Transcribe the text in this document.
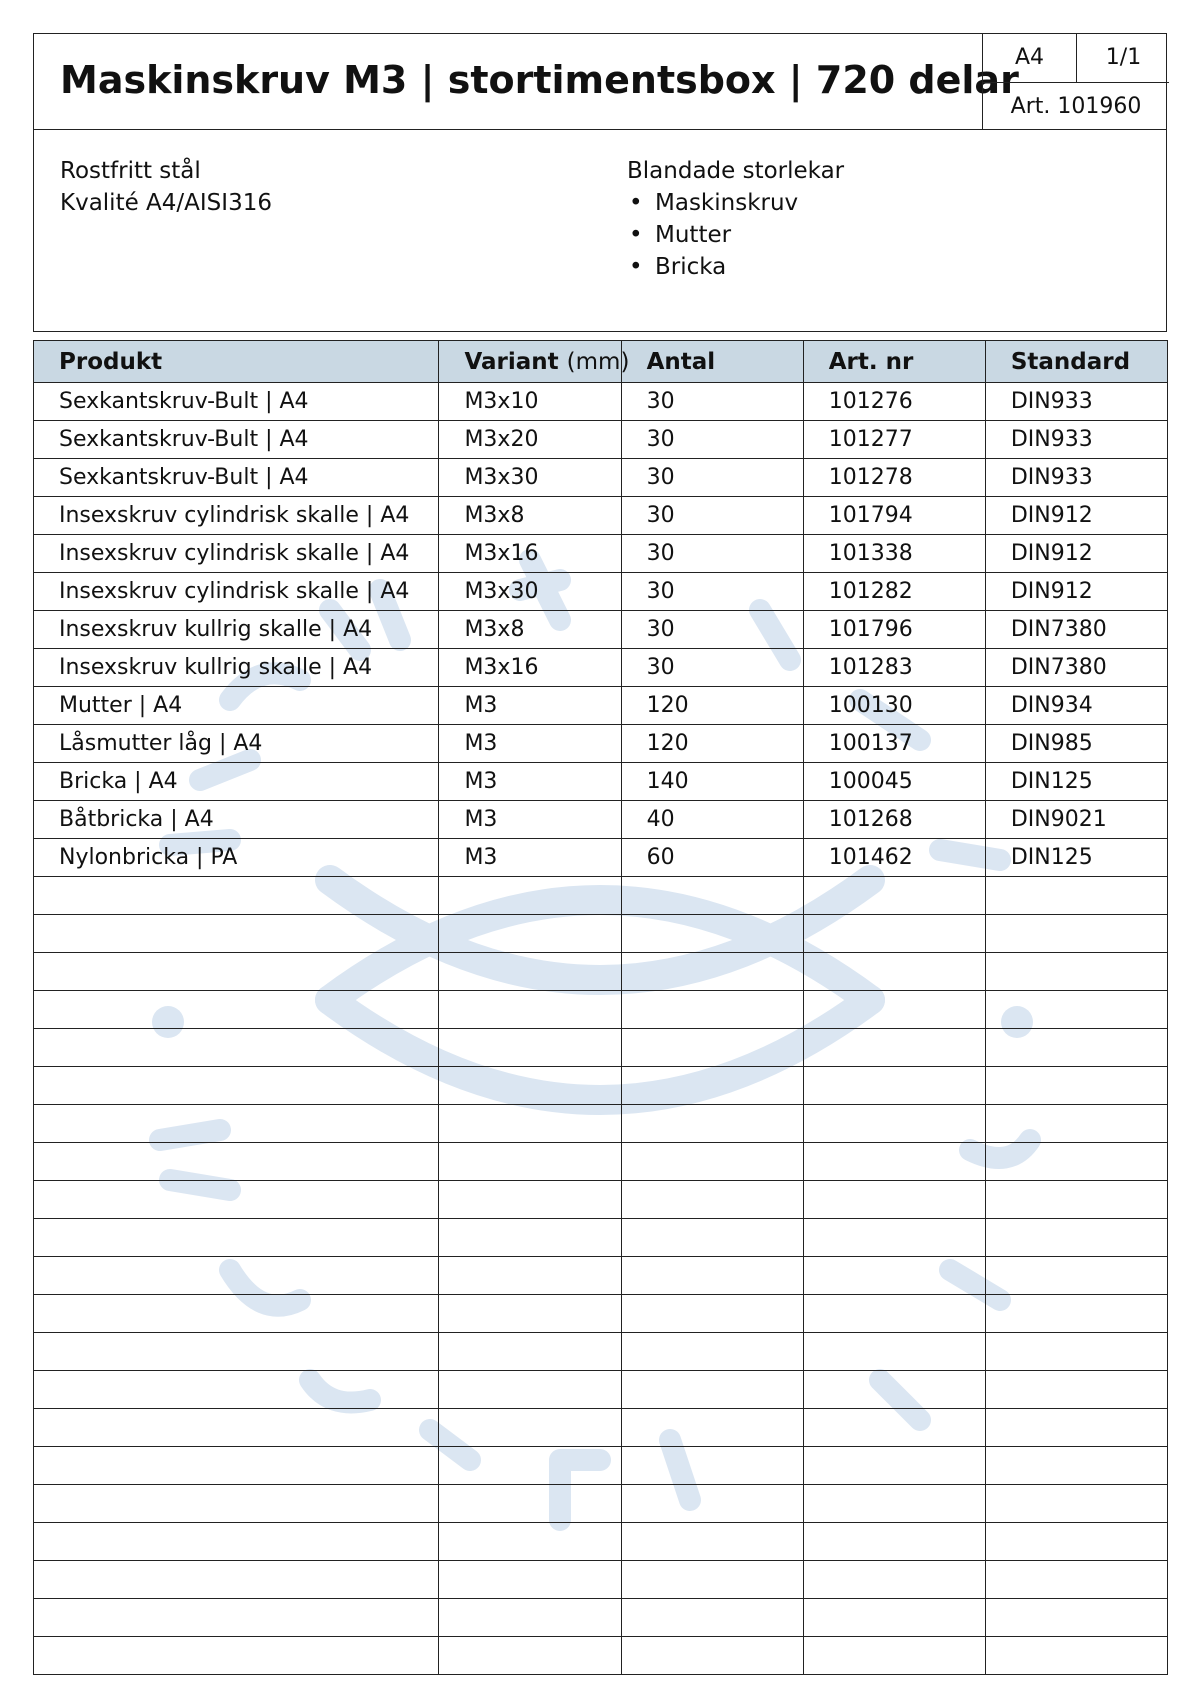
Maskinskruv M3 | stortimentsbox | 720 delar
A4	1/1
Art. 101960
Rostfritt stål
Kvalité A4/AISI316
Blandade storlekar
• Maskinskruv
• Mutter
• Bricka
Produkt	Variant (mm)	Antal	Art. nr	Standard
Sexkantskruv-Bult | A4	M3x10	30	101276	DIN933
Sexkantskruv-Bult | A4	M3x20	30	101277	DIN933
Sexkantskruv-Bult | A4	M3x30	30	101278	DIN933
Insexskruv cylindrisk skalle | A4	M3x8	30	101794	DIN912
Insexskruv cylindrisk skalle | A4	M3x16	30	101338	DIN912
Insexskruv cylindrisk skalle | A4	M3x30	30	101282	DIN912
Insexskruv kullrig skalle | A4	M3x8	30	101796	DIN7380
Insexskruv kullrig skalle | A4	M3x16	30	101283	DIN7380
Mutter | A4	M3	120	100130	DIN934
Låsmutter låg | A4	M3	120	100137	DIN985
Bricka | A4	M3	140	100045	DIN125
Båtbricka | A4	M3	40	101268	DIN9021
Nylonbricka | PA	M3	60	101462	DIN125
